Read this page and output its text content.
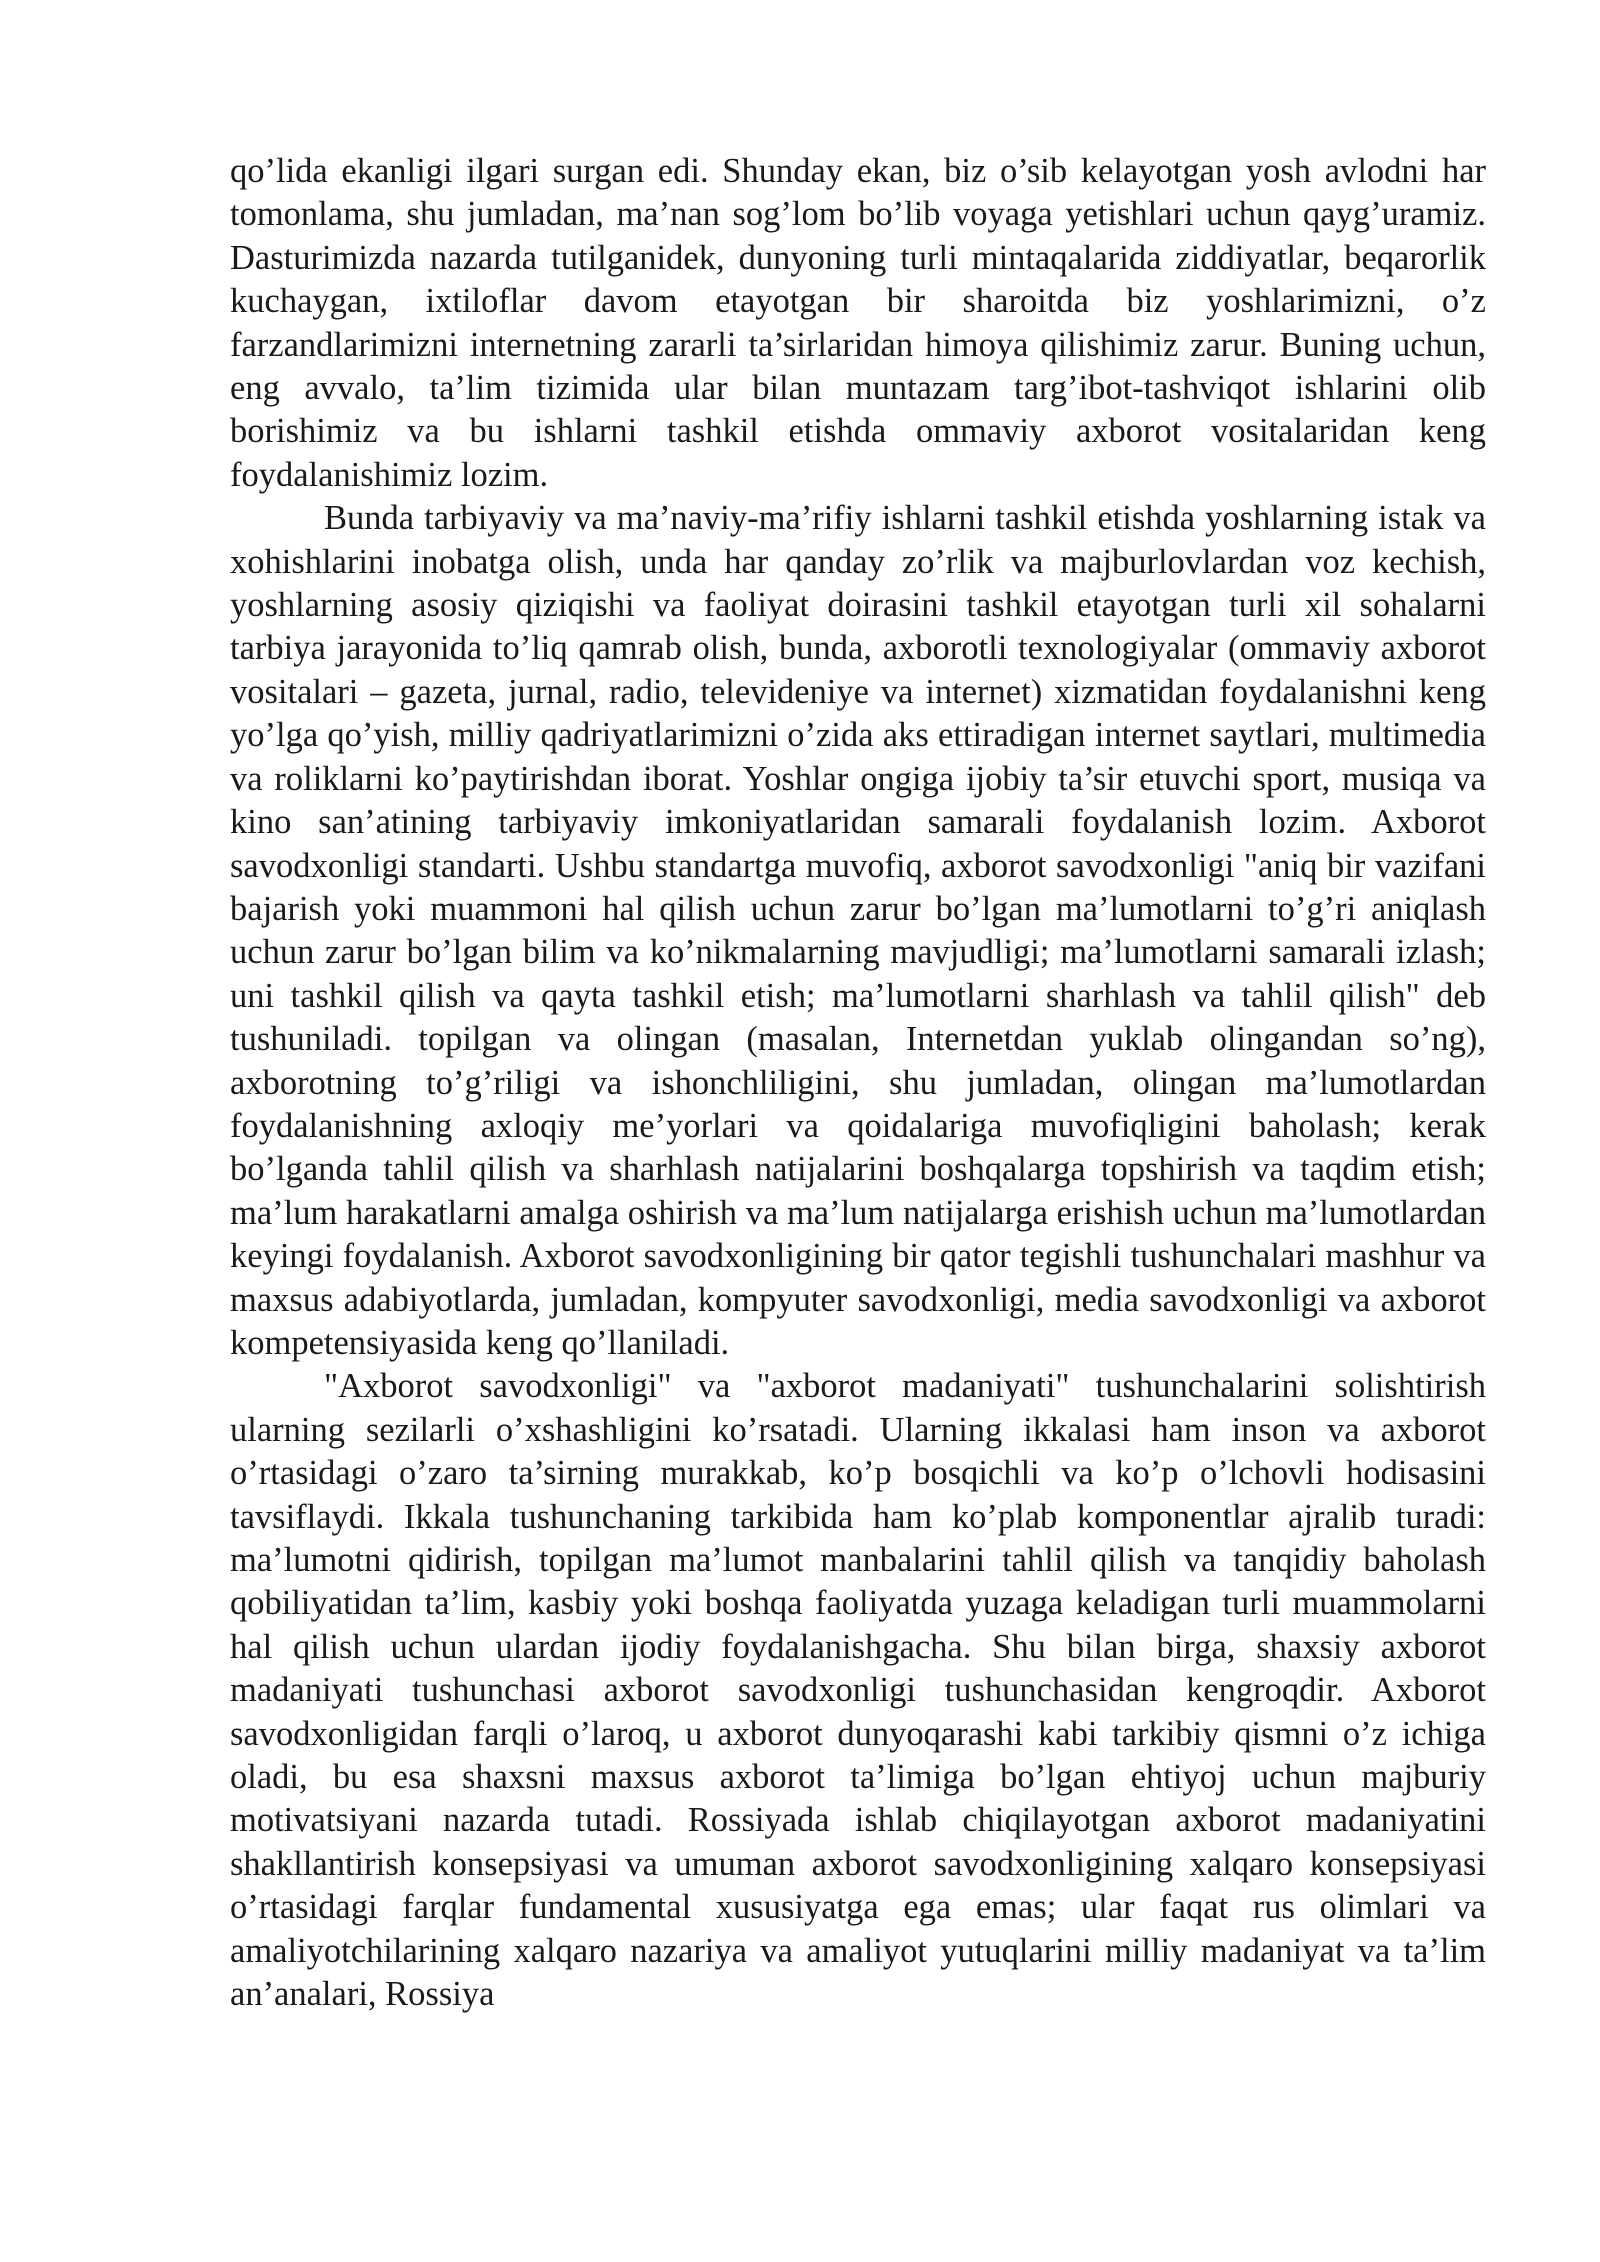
qo’lida ekanligi ilgari surgan edi. Shunday ekan, biz o’sib kelayotgan yosh avlodni har tomonlama, shu jumladan, ma’nan sog’lom bo’lib voyaga yetishlari uchun qayg’uramiz. Dasturimizda nazarda tutilganidek, dunyoning turli mintaqalarida ziddiyatlar, beqarorlik kuchaygan, ixtiloflar davom etayotgan bir sharoitda biz yoshlarimizni, o’z farzandlarimizni internetning zararli ta’sirlaridan himoya qilishimiz zarur. Buning uchun, eng avvalo, ta’lim tizimida ular bilan muntazam targ’ibot-tashviqot ishlarini olib borishimiz va bu ishlarni tashkil etishda ommaviy axborot vositalaridan keng foydalanishimiz lozim.

Bunda tarbiyaviy va ma’naviy-ma’rifiy ishlarni tashkil etishda yoshlarning istak va xohishlarini inobatga olish, unda har qanday zo’rlik va majburlovlardan voz kechish, yoshlarning asosiy qiziqishi va faoliyat doirasini tashkil etayotgan turli xil sohalarni tarbiya jarayonida to’liq qamrab olish, bunda, axborotli texnologiyalar (ommaviy axborot vositalari – gazeta, jurnal, radio, televideniye va internet) xizmatidan foydalanishni keng yo’lga qo’yish, milliy qadriyatlarimizni o’zida aks ettiradigan internet saytlari, multimedia va roliklarni ko’paytirishdan iborat. Yoshlar ongiga ijobiy ta’sir etuvchi sport, musiqa va kino san’atining tarbiyaviy imkoniyatlaridan samarali foydalanish lozim. Axborot savodxonligi standarti. Ushbu standartga muvofiq, axborot savodxonligi "aniq bir vazifani bajarish yoki muammoni hal qilish uchun zarur bo’lgan ma’lumotlarni to’g’ri aniqlash uchun zarur bo’lgan bilim va ko’nikmalarning mavjudligi; ma’lumotlarni samarali izlash; uni tashkil qilish va qayta tashkil etish; ma’lumotlarni sharhlash va tahlil qilish" deb tushuniladi. topilgan va olingan (masalan, Internetdan yuklab olingandan so’ng), axborotning to’g’riligi va ishonchliligini, shu jumladan, olingan ma’lumotlardan foydalanishning axloqiy me’yorlari va qoidalariga muvofiqligini baholash; kerak bo’lganda tahlil qilish va sharhlash natijalarini boshqalarga topshirish va taqdim etish; ma’lum harakatlarni amalga oshirish va ma’lum natijalarga erishish uchun ma’lumotlardan keyingi foydalanish. Axborot savodxonligining bir qator tegishli tushunchalari mashhur va maxsus adabiyotlarda, jumladan, kompyuter savodxonligi, media savodxonligi va axborot kompetensiyasida keng qo’llaniladi.

"Axborot savodxonligi" va "axborot madaniyati" tushunchalarini solishtirish ularning sezilarli o’xshashligini ko’rsatadi. Ularning ikkalasi ham inson va axborot o’rtasidagi o’zaro ta’sirning murakkab, ko’p bosqichli va ko’p o’lchovli hodisasini tavsiflaydi. Ikkala tushunchaning tarkibida ham ko’plab komponentlar ajralib turadi: ma’lumotni qidirish, topilgan ma’lumot manbalarini tahlil qilish va tanqidiy baholash qobiliyatidan ta’lim, kasbiy yoki boshqa faoliyatda yuzaga keladigan turli muammolarni hal qilish uchun ulardan ijodiy foydalanishgacha. Shu bilan birga, shaxsiy axborot madaniyati tushunchasi axborot savodxonligi tushunchasidan kengroqdir. Axborot savodxonligidan farqli o’laroq, u axborot dunyoqarashi kabi tarkibiy qismni o’z ichiga oladi, bu esa shaxsni maxsus axborot ta’limiga bo’lgan ehtiyoj uchun majburiy motivatsiyani nazarda tutadi. Rossiyada ishlab chiqilayotgan axborot madaniyatini shakllantirish konsepsiyasi va umuman axborot savodxonligining xalqaro konsepsiyasi o’rtasidagi farqlar fundamental xususiyatga ega emas; ular faqat rus olimlari va amaliyotchilarining xalqaro nazariya va amaliyot yutuqlarini milliy madaniyat va ta’lim an’analari, Rossiya
